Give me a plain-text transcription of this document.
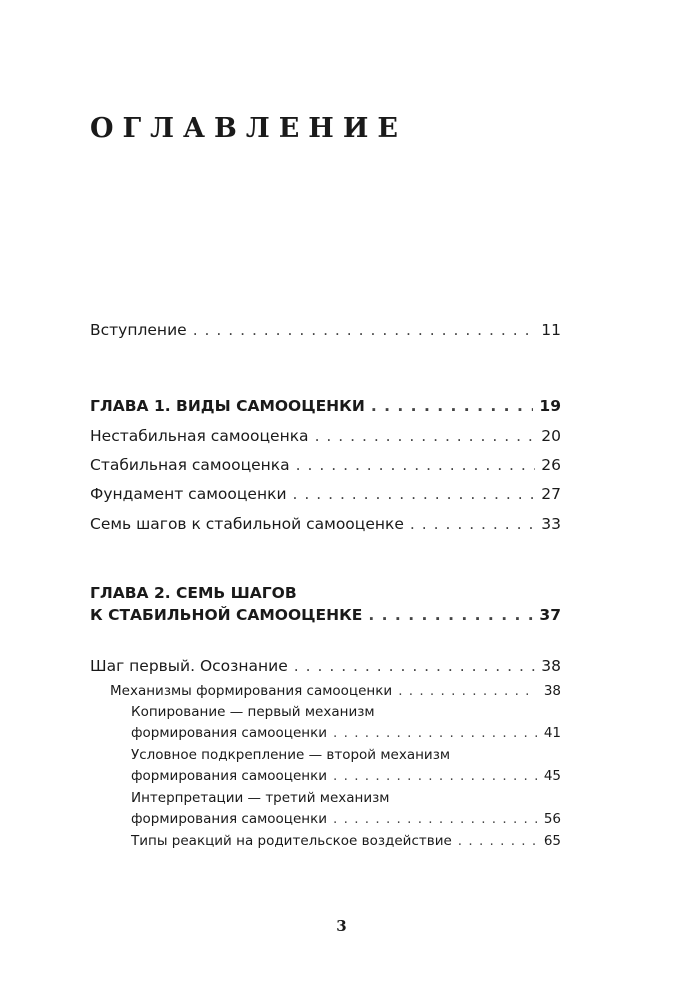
ОГЛАВЛЕНИЕ
Вступление . . .	11
ГЛАВА 1. ВИДЫ САМООЦЕНКИ . . .	19
Нестабильная самооценка . . .	20
Стабильная самооценка . . .	26
Фундамент самооценки . . .	27
Семь шагов к стабильной самооценке . . .	33
ГЛАВА 2. СЕМЬ ШАГОВ
К СТАБИЛЬНОЙ САМООЦЕНКЕ . . .	37
Шаг первый. Осознание . . .	38
Механизмы формирования самооценки . . .	38
Копирование — первый механизм
формирования самооценки . . .	41
Условное подкрепление — второй механизм
формирования самооценки . . .	45
Интерпретации — третий механизм
формирования самооценки . . .	56
Типы реакций на родительское воздействие . . .	65
3
